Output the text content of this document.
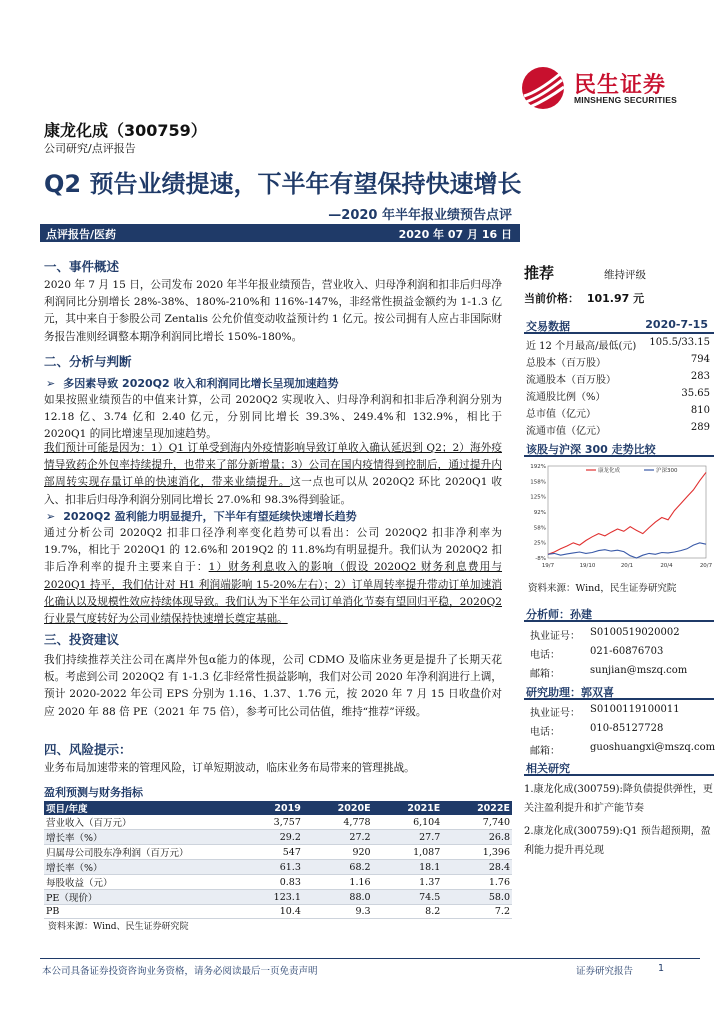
民生证券
MINSHENG SECURITIES
康龙化成（300759）
公司研究/点评报告
Q2 预告业绩提速，下半年有望保持快速增长
—2020 年半年报业绩预告点评
点评报告/医药	2020 年 07 月 16 日
一、事件概述
2020 年 7 月 15 日，公司发布 2020 年半年报业绩预告，营业收入、归母净利润和扣非后归母净利润同比分别增长 28%-38%、180%-210%和 116%-147%，非经常性损益金额约为 1-1.3 亿元，其中来自于参股公司 Zentalis 公允价值变动收益预计约 1 亿元。按公司拥有人应占非国际财务报告准则经调整本期净利润同比增长 150%-180%。
二、分析与判断
➢ 多因素导致 2020Q2 收入和利润同比增长呈现加速趋势
如果按照业绩预告的中值来计算，公司 2020Q2 实现收入、归母净利润和扣非后净利润分别为 12.18 亿、3.74 亿和 2.40 亿元，分别同比增长 39.3%、249.4%和 132.9%，相比于 2020Q1 的同比增速呈现加速趋势。
我们预计可能是因为：1）Q1 订单受到海内外疫情影响导致订单收入确认延迟到 Q2；2）海外疫情导致药企外包率持续提升，也带来了部分新增量；3）公司在国内疫情得到控制后，通过提升内部周转实现存量订单的快速消化，带来业绩提升。这一点也可以从 2020Q2 环比 2020Q1 收入、扣非后归母净利润分别同比增长 27.0%和 98.3%得到验证。
➢ 2020Q2 盈利能力明显提升，下半年有望延续快速增长趋势
通过分析公司 2020Q2 扣非口径净利率变化趋势可以看出：公司 2020Q2 扣非净利率为 19.7%，相比于 2020Q1 的 12.6%和 2019Q2 的 11.8%均有明显提升。我们认为 2020Q2 扣非后净利率的提升主要来自于：1）财务利息收入的影响（假设 2020Q2 财务利息费用与 2020Q1 持平，我们估计对 H1 利润端影响 15-20%左右）；2）订单周转率提升带动订单加速消化确认以及规模性效应持续体现导致。我们认为下半年公司订单消化节奏有望回归平稳，2020Q2 行业景气度转好为公司业绩保持快速增长奠定基础。
三、投资建议
我们持续推荐关注公司在离岸外包α能力的体现，公司 CDMO 及临床业务更是提升了长期天花板。考虑到公司 2020Q2 有 1-1.3 亿非经常性损益影响，我们对公司 2020 年净利润进行上调，预计 2020-2022 年公司 EPS 分别为 1.16、1.37、1.76 元，按 2020 年 7 月 15 日收盘价对应 2020 年 88 倍 PE（2021 年 75 倍），参考可比公司估值，维持“推荐”评级。
四、风险提示：
业务布局加速带来的管理风险，订单短期波动，临床业务布局带来的管理挑战。
盈利预测与财务指标
项目/年度	2019	2020E	2021E	2022E
营业收入（百万元）	3,757	4,778	6,104	7,740
增长率（%）	29.2	27.2	27.7	26.8
归属母公司股东净利润（百万元）	547	920	1,087	1,396
增长率（%）	61.3	68.2	18.1	28.4
每股收益（元）	0.83	1.16	1.37	1.76
PE（现价）	123.1	88.0	74.5	58.0
PB	10.4	9.3	8.2	7.2
资料来源：Wind、民生证券研究院
推荐	维持评级
当前价格： 101.97 元
交易数据	2020-7-15
近 12 个月最高/最低(元) 105.5/33.15
总股本（百万股）	794
流通股本（百万股）	283
流通股比例（%）	35.65
总市值（亿元）	810
流通市值（亿元）	289
该股与沪深 300 走势比较
-8%
25%
58%
92%
125%
158%
192%
19/7	19/10	20/1	20/4	20/7
康龙化成	沪深300
资料来源：Wind，民生证券研究院
分析师：孙建
执业证号： S0100519020002
电话：	021-60876703
邮箱：	sunjian@mszq.com
研究助理：郭双喜
执业证号： S0100119100011
电话：	010-85127728
邮箱：	guoshuangxi@mszq.com
相关研究
1.康龙化成(300759):降负债提供弹性，更关注盈利提升和扩产能节奏
2.康龙化成(300759):Q1 预告超预期，盈利能力提升再兑现
本公司具备证券投资咨询业务资格，请务必阅读最后一页免责声明	证券研究报告	1
